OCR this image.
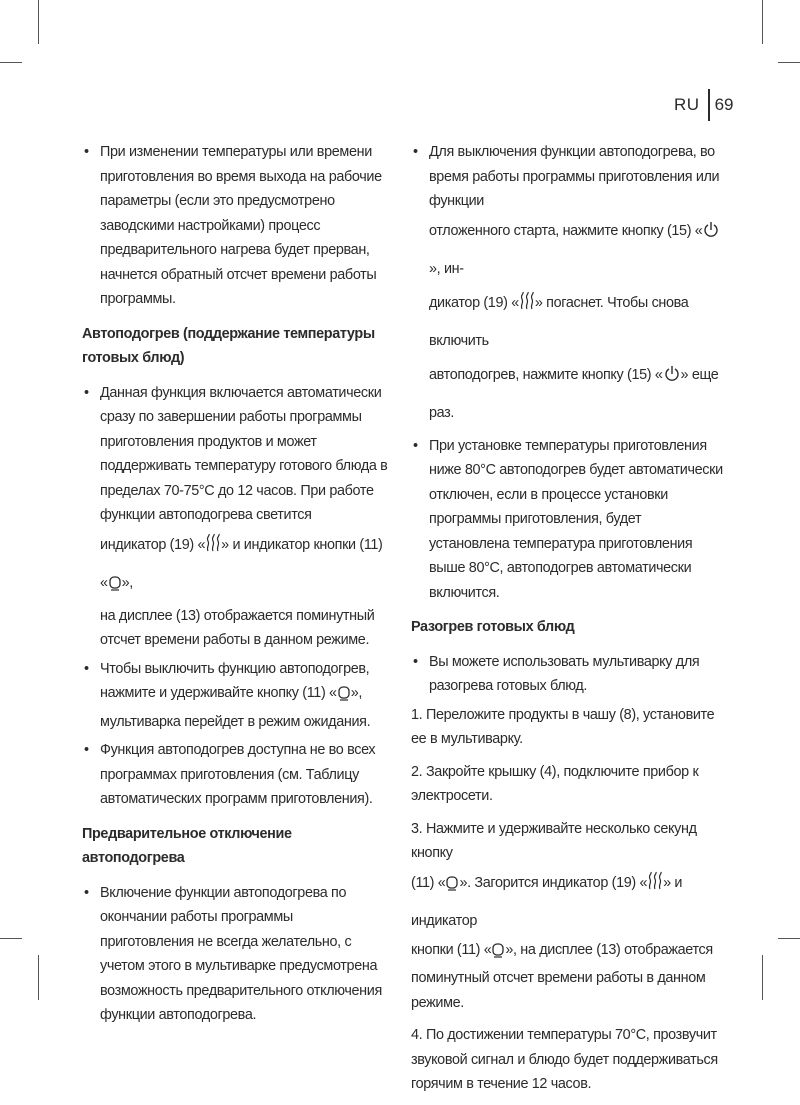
RU 69
• При изменении температуры или времени приготовления во время выхода на рабочие параметры (если это предусмотрено заводскими настройками) процесс предварительного нагрева будет прерван, начнется обратный отсчет времени работы программы.
Автоподогрев (поддержание температуры готовых блюд)
• Данная функция включается автоматически сразу по завершении работы программы приготовления продуктов и может поддерживать температуру готового блюда в пределах 70-75°С до 12 часов. При работе функции автоподогрева светится
индикатор (19) « » и индикатор кнопки (11) « »,
на дисплее (13) отображается поминутный отсчет времени работы в данном режиме.
• Чтобы выключить функцию автоподогрев, нажмите и удерживайте кнопку (11) « », мультиварка перейдет в режим ожидания.
• Функция автоподогрев доступна не во всех программах приготовления (см. Таблицу автоматических программ приготовления).
Предварительное отключение автоподогрева
• Включение функции автоподогрева по окончании работы программы приготовления не всегда желательно, с учетом этого в мультиварке предусмотрена возможность предварительного отключения функции автоподогрева.
• Для выключения функции автоподогрева, во время работы программы приготовления или функции
отложенного старта, нажмите кнопку (15) «», ин-
дикатор (19) « » погаснет. Чтобы снова включить
автоподогрев, нажмите кнопку (15) « » еще раз.
• При установке температуры приготовления ниже 80°С автоподогрев будет автоматически отключен, если в процессе установки программы приготовления, будет установлена температура приготовления выше 80°С, автоподогрев автоматически включится.
Разогрев готовых блюд
• Вы можете использовать мультиварку для разогрева готовых блюд.
1. Переложите продукты в чашу (8), установите ее в мультиварку.
2. Закройте крышку (4), подключите прибор к электросети.
3. Нажмите и удерживайте несколько секунд кнопку
(11) « ». Загорится индикатор (19) « » и индикатор
кнопки (11) « », на дисплее (13) отображается поминутный отсчет времени работы в данном режиме.
4. По достижении температуры 70°С, прозвучит звуковой сигнал и блюдо будет поддерживаться горячим в течение 12 часов.
